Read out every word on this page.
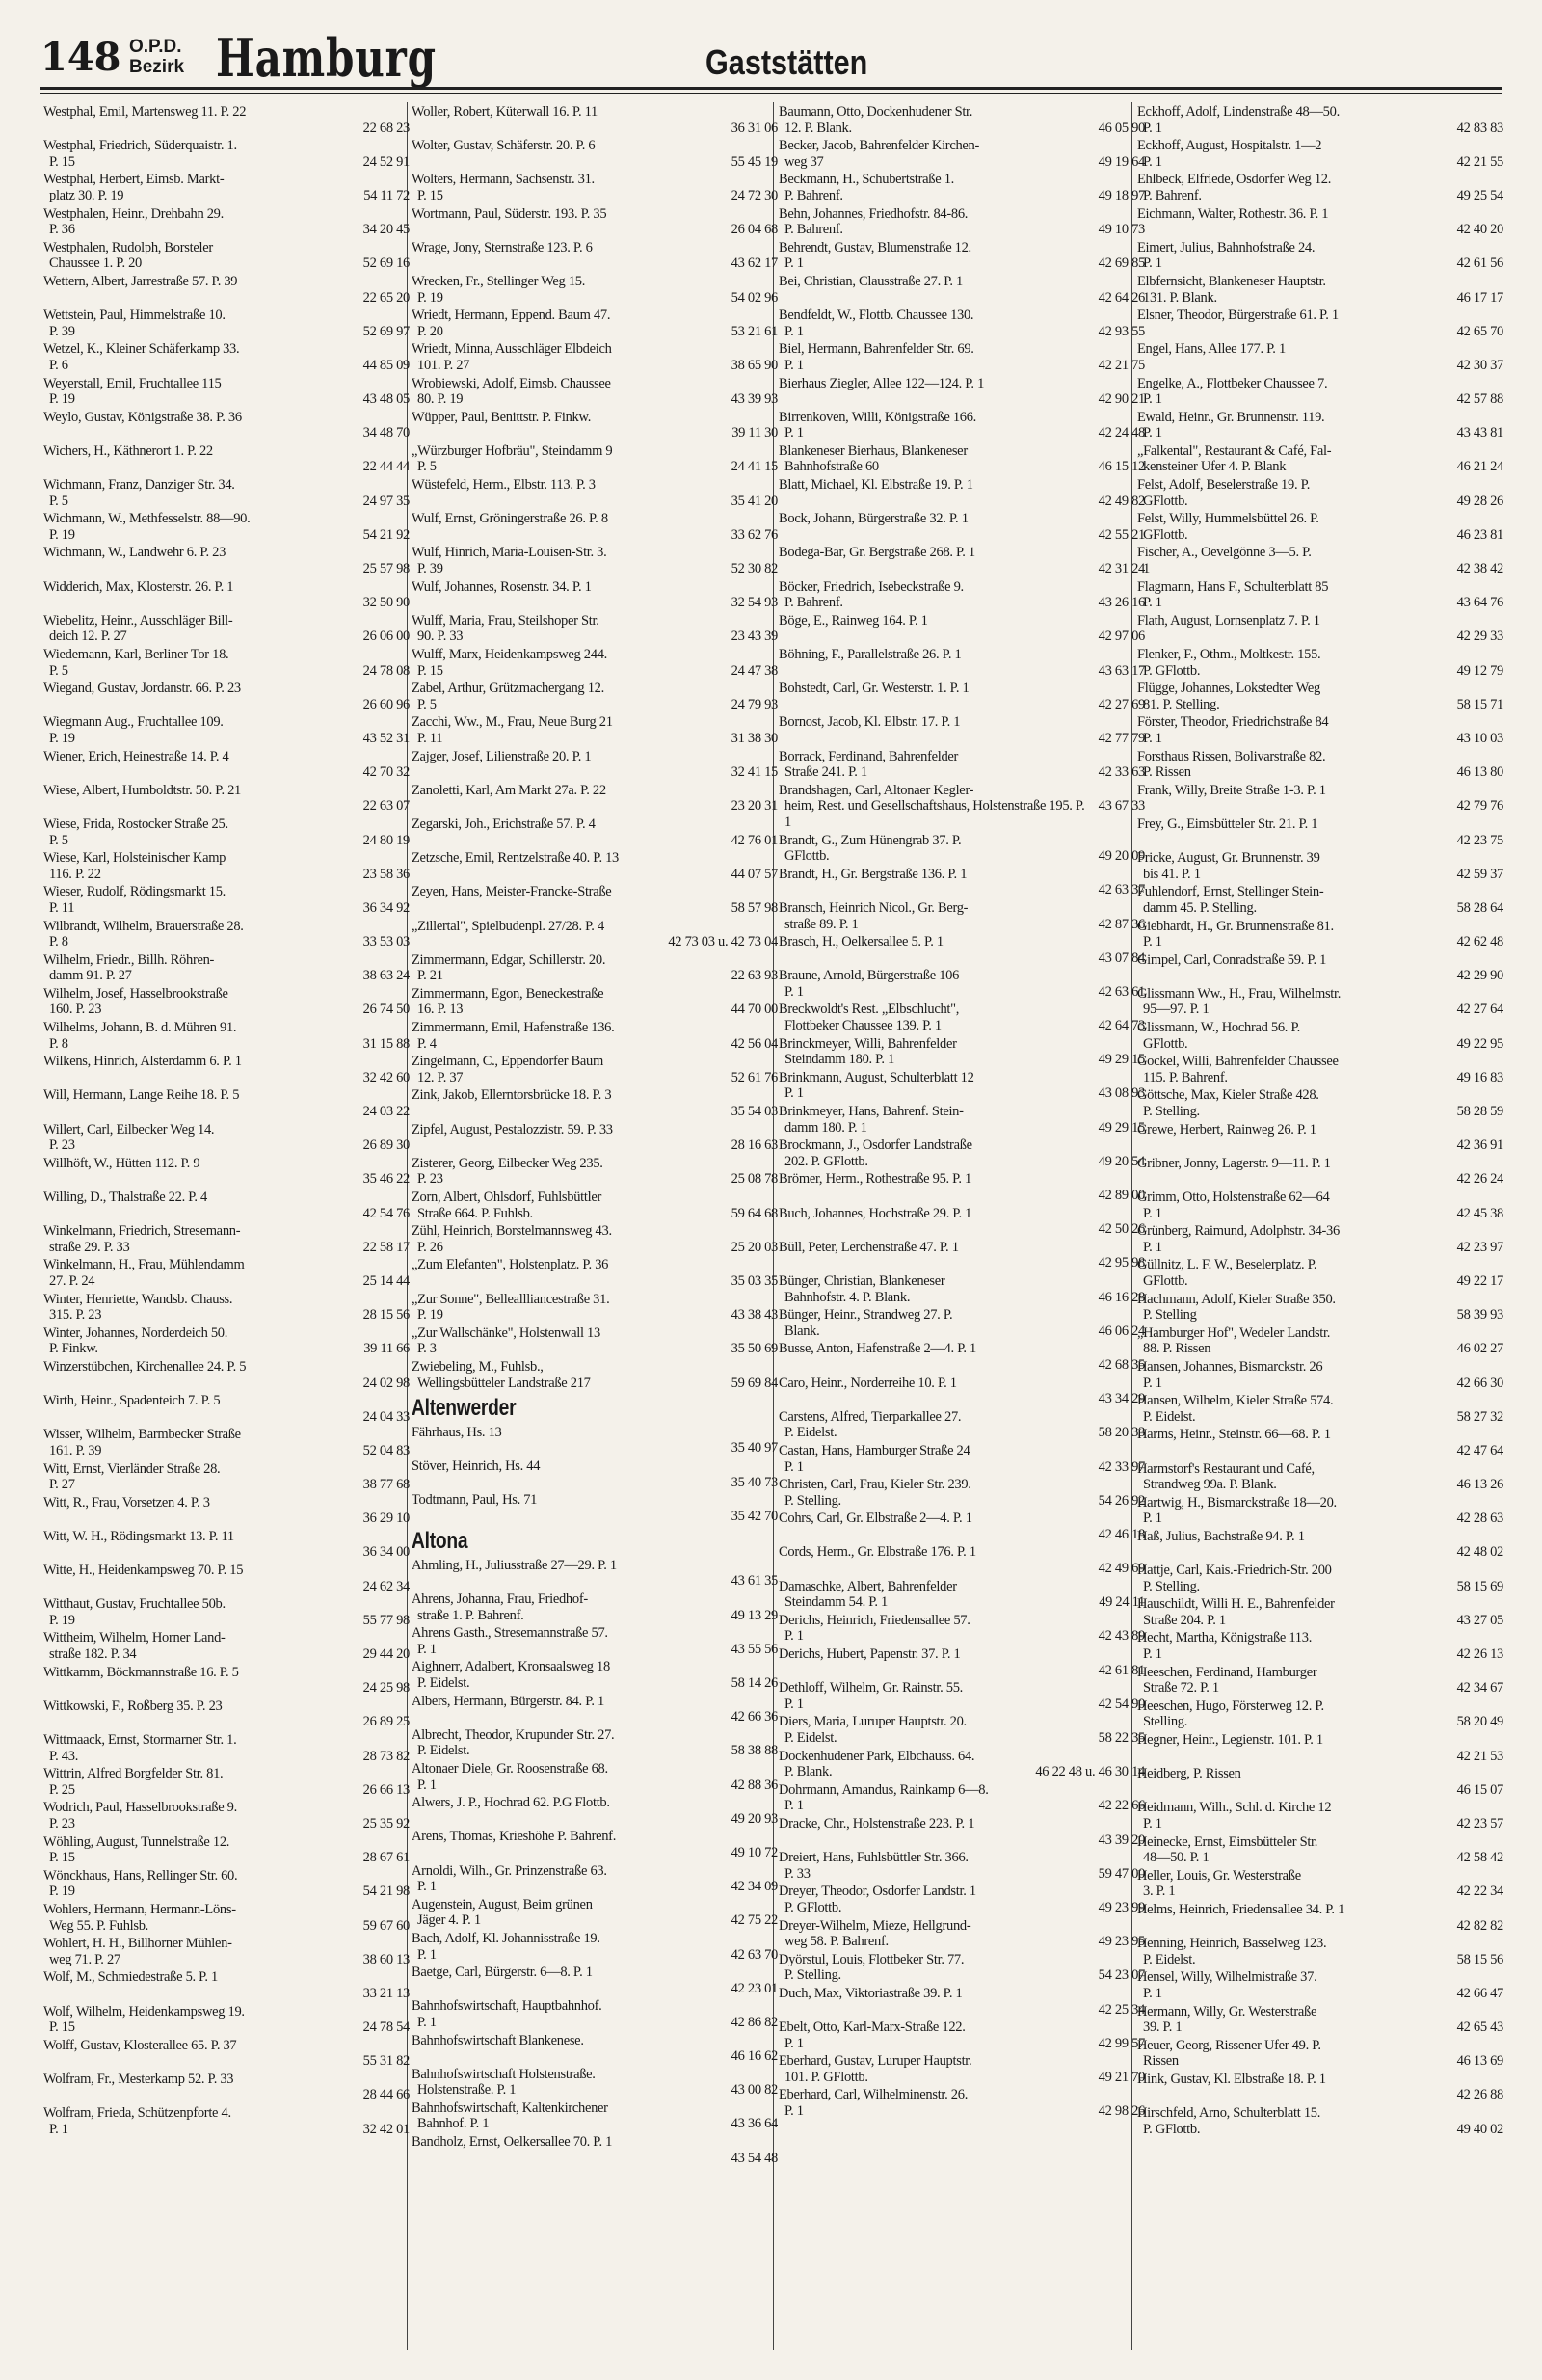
148 O.P.D.
Bezirk Hamburg	Gaststätten
Westphal, Emil, Martensweg 11. P. 22
22 68 23
Westphal, Friedrich, Süderquaistr. 1.
P. 15	24 52 91
Westphal, Herbert, Eimsb. Markt-
platz 30. P. 19	54 11 72
Westphalen, Heinr., Drehbahn 29.
P. 36	34 20 45
Westphalen, Rudolph, Borsteler
Chaussee 1. P. 20	52 69 16
Wettern, Albert, Jarrestraße 57. P. 39
22 65 20
Wettstein, Paul, Himmelstraße 10.
P. 39	52 69 97
Wetzel, K., Kleiner Schäferkamp 33.
P. 6	44 85 09
Weyerstall, Emil, Fruchtallee 115
P. 19	43 48 05
Weylo, Gustav, Königstraße 38. P. 36
34 48 70
Wichers, H., Käthnerort 1. P. 22
22 44 44
Wichmann, Franz, Danziger Str. 34.
P. 5	24 97 35
Wichmann, W., Methfesselstr. 88—90.
P. 19	54 21 92
Wichmann, W., Landwehr 6. P. 23
25 57 98
Widderich, Max, Klosterstr. 26. P. 1
32 50 90
Wiebelitz, Heinr., Ausschläger Bill-
deich 12. P. 27	26 06 00
Wiedemann, Karl, Berliner Tor 18.
P. 5	24 78 08
Wiegand, Gustav, Jordanstr. 66. P. 23
26 60 96
Wiegmann Aug., Fruchtallee 109.
P. 19	43 52 31
Wiener, Erich, Heinestraße 14. P. 4
42 70 32
Wiese, Albert, Humboldtstr. 50. P. 21
22 63 07
Wiese, Frida, Rostocker Straße 25.
P. 5	24 80 19
Wiese, Karl, Holsteinischer Kamp
116. P. 22	23 58 36
Wieser, Rudolf, Rödingsmarkt 15.
P. 11	36 34 92
Wilbrandt, Wilhelm, Brauerstraße 28.
P. 8	33 53 03
Wilhelm, Friedr., Billh. Röhren-
damm 91. P. 27	38 63 24
Wilhelm, Josef, Hasselbrookstraße
160. P. 23	26 74 50
Wilhelms, Johann, B. d. Mühren 91.
P. 8	31 15 88
Wilkens, Hinrich, Alsterdamm 6. P. 1
32 42 60
Will, Hermann, Lange Reihe 18. P. 5
24 03 22
Willert, Carl, Eilbecker Weg 14.
P. 23	26 89 30
Willhöft, W., Hütten 112. P. 9
35 46 22
Willing, D., Thalstraße 22. P. 4
42 54 76
Winkelmann, Friedrich, Stresemann-
straße 29. P. 33	22 58 17
Winkelmann, H., Frau, Mühlendamm
27. P. 24	25 14 44
Winter, Henriette, Wandsb. Chauss.
315. P. 23	28 15 56
Winter, Johannes, Norderdeich 50.
P. Finkw.	39 11 66
Winzerstübchen, Kirchenallee 24. P. 5
24 02 98
Wirth, Heinr., Spadenteich 7. P. 5
24 04 33
Wisser, Wilhelm, Barmbecker Straße
161. P. 39	52 04 83
Witt, Ernst, Vierländer Straße 28.
P. 27	38 77 68
Witt, R., Frau, Vorsetzen 4. P. 3
36 29 10
Witt, W. H., Rödingsmarkt 13. P. 11
36 34 00
Witte, H., Heidenkampsweg 70. P. 15
24 62 34
Witthaut, Gustav, Fruchtallee 50b.
P. 19	55 77 98
Wittheim, Wilhelm, Horner Land-
straße 182. P. 34	29 44 20
Wittkamm, Böckmannstraße 16. P. 5
24 25 98
Wittkowski, F., Roßberg 35. P. 23
26 89 25
Wittmaack, Ernst, Stormarner Str. 1.
P. 43.	28 73 82
Wittrin, Alfred Borgfelder Str. 81.
P. 25	26 66 13
Wodrich, Paul, Hasselbrookstraße 9.
P. 23	25 35 92
Wöhling, August, Tunnelstraße 12.
P. 15	28 67 61
Wönckhaus, Hans, Rellinger Str. 60.
P. 19	54 21 98
Wohlers, Hermann, Hermann-Löns-
Weg 55. P. Fuhlsb.	59 67 60
Wohlert, H. H., Billhorner Mühlen-
weg 71. P. 27	38 60 13
Wolf, M., Schmiedestraße 5. P. 1
33 21 13
Wolf, Wilhelm, Heidenkampsweg 19.
P. 15	24 78 54
Wolff, Gustav, Klosterallee 65. P. 37
55 31 82
Wolfram, Fr., Mesterkamp 52. P. 33
28 44 66
Wolfram, Frieda, Schützenpforte 4.
P. 1	32 42 01
Woller, Robert, Küterwall 16. P. 11
36 31 06
Wolter, Gustav, Schäferstr. 20. P. 6
55 45 19
Wolters, Hermann, Sachsenstr. 31.
P. 15	24 72 30
Wortmann, Paul, Süderstr. 193. P. 35
26 04 68
Wrage, Jony, Sternstraße 123. P. 6
43 62 17
Wrecken, Fr., Stellinger Weg 15.
P. 19	54 02 96
Wriedt, Hermann, Eppend. Baum 47.
P. 20	53 21 61
Wriedt, Minna, Ausschläger Elbdeich
101. P. 27	38 65 90
Wrobiewski, Adolf, Eimsb. Chaussee
80. P. 19	43 39 93
Wüpper, Paul, Benittstr. P. Finkw.
39 11 30
„Würzburger Hofbräu", Steindamm 9
P. 5	24 41 15
Wüstefeld, Herm., Elbstr. 113. P. 3
35 41 20
Wulf, Ernst, Gröningerstraße 26. P. 8
33 62 76
Wulf, Hinrich, Maria-Louisen-Str. 3.
P. 39	52 30 82
Wulf, Johannes, Rosenstr. 34. P. 1
32 54 93
Wulff, Maria, Frau, Steilshoper Str.
90. P. 33	23 43 39
Wulff, Marx, Heidenkampsweg 244.
P. 15	24 47 38
Zabel, Arthur, Grützmachergang 12.
P. 5	24 79 93
Zacchi, Ww., M., Frau, Neue Burg 21
P. 11	31 38 30
Zajger, Josef, Lilienstraße 20. P. 1
32 41 15
Zanoletti, Karl, Am Markt 27a. P. 22
23 20 31
Zegarski, Joh., Erichstraße 57. P. 4
42 76 01
Zetzsche, Emil, Rentzelstraße 40. P. 13
44 07 57
Zeyen, Hans, Meister-Francke-Straße
58 57 98
„Zillertal", Spielbudenpl. 27/28. P. 4
42 73 03 u. 42 73 04
Zimmermann, Edgar, Schillerstr. 20.
P. 21	22 63 93
Zimmermann, Egon, Beneckestraße
16. P. 13	44 70 00
Zimmermann, Emil, Hafenstraße 136.
P. 4	42 56 04
Zingelmann, C., Eppendorfer Baum
12. P. 37	52 61 76
Zink, Jakob, Ellerntorsbrücke 18. P. 3
35 54 03
Zipfel, August, Pestalozzistr. 59. P. 33
28 16 63
Zisterer, Georg, Eilbecker Weg 235.
P. 23	25 08 78
Zorn, Albert, Ohlsdorf, Fuhlsbüttler
Straße 664. P. Fuhlsb.	59 64 68
Zühl, Heinrich, Borstelmannsweg 43.
P. 26	25 20 03
„Zum Elefanten", Holstenplatz. P. 36
35 03 35
„Zur Sonne", Belleallliancestraße 31.
P. 19	43 38 43
„Zur Wallschänke", Holstenwall 13
P. 3	35 50 69
Zwiebeling, M., Fuhlsb.,
Wellingsbütteler Landstraße 217	59 69 84
Altenwerder
Fährhaus, Hs. 13
35 40 97
Stöver, Heinrich, Hs. 44
35 40 73
Todtmann, Paul, Hs. 71
35 42 70
Altona
Ahmling, H., Juliusstraße 27—29. P. 1
43 61 35
Ahrens, Johanna, Frau, Friedhof-
straße 1. P. Bahrenf.	49 13 29
Ahrens Gasth., Stresemannstraße 57.
P. 1	43 55 56
Aighnerr, Adalbert, Kronsaalsweg 18
P. Eidelst.	58 14 26
Albers, Hermann, Bürgerstr. 84. P. 1
42 66 36
Albrecht, Theodor, Krupunder Str. 27.
P. Eidelst.	58 38 88
Altonaer Diele, Gr. Roosenstraße 68.
P. 1	42 88 36
Alwers, J. P., Hochrad 62. P.G Flottb.
49 20 93
Arens, Thomas, Krieshöhe P. Bahrenf.
49 10 72
Arnoldi, Wilh., Gr. Prinzenstraße 63.
P. 1	42 34 09
Augenstein, August, Beim grünen
Jäger 4. P. 1	42 75 22
Bach, Adolf, Kl. Johannisstraße 19.
P. 1	42 63 70
Baetge, Carl, Bürgerstr. 6—8. P. 1
42 23 01
Bahnhofswirtschaft, Hauptbahnhof.
P. 1	42 86 82
Bahnhofswirtschaft Blankenese.
46 16 62
Bahnhofswirtschaft Holstenstraße.
Holstenstraße. P. 1	43 00 82
Bahnhofswirtschaft, Kaltenkirchener
Bahnhof. P. 1	43 36 64
Bandholz, Ernst, Oelkersallee 70. P. 1
43 54 48
Baumann, Otto, Dockenhudener Str.
12. P. Blank.	46 05 90
Becker, Jacob, Bahrenfelder Kirchen-
weg 37	49 19 64
Beckmann, H., Schubertstraße 1.
P. Bahrenf.	49 18 97
Behn, Johannes, Friedhofstr. 84-86.
P. Bahrenf.	49 10 73
Behrendt, Gustav, Blumenstraße 12.
P. 1	42 69 85
Bei, Christian, Clausstraße 27. P. 1
42 64 26
Bendfeldt, W., Flottb. Chaussee 130.
P. 1	42 93 55
Biel, Hermann, Bahrenfelder Str. 69.
P. 1	42 21 75
Bierhaus Ziegler, Allee 122—124. P. 1
42 90 21
Birrenkoven, Willi, Königstraße 166.
P. 1	42 24 48
Blankeneser Bierhaus, Blankeneser
Bahnhofstraße 60	46 15 12
Blatt, Michael, Kl. Elbstraße 19. P. 1
42 49 82
Bock, Johann, Bürgerstraße 32. P. 1
42 55 21
Bodega-Bar, Gr. Bergstraße 268. P. 1
42 31 24
Böcker, Friedrich, Isebeckstraße 9.
P. Bahrenf.	43 26 16
Böge, E., Rainweg 164. P. 1
42 97 06
Böhning, F., Parallelstraße 26. P. 1
43 63 17
Bohstedt, Carl, Gr. Westerstr. 1. P. 1
42 27 69
Bornost, Jacob, Kl. Elbstr. 17. P. 1
42 77 79
Borrack, Ferdinand, Bahrenfelder
Straße 241. P. 1	42 33 63
Brandshagen, Carl, Altonaer Kegler-
heim, Rest. und Gesellschaftshaus, Holstenstraße 195. P. 1
43 67 33
Brandt, G., Zum Hünengrab 37. P.
GFlottb.	49 20 09
Brandt, H., Gr. Bergstraße 136. P. 1
42 63 37
Bransch, Heinrich Nicol., Gr. Berg-
straße 89. P. 1	42 87 36
Brasch, H., Oelkersallee 5. P. 1
43 07 84
Braune, Arnold, Bürgerstraße 106
P. 1	42 63 61
Breckwoldt's Rest. „Elbschlucht",
Flottbeker Chaussee 139. P. 1	42 64 73
Brinckmeyer, Willi, Bahrenfelder
Steindamm 180. P. 1	49 29 15
Brinkmann, August, Schulterblatt 12
P. 1	43 08 93
Brinkmeyer, Hans, Bahrenf. Stein-
damm 180. P. 1	49 29 15
Brockmann, J., Osdorfer Landstraße
202. P. GFlottb.	49 20 54
Brömer, Herm., Rothestraße 95. P. 1
42 89 00
Buch, Johannes, Hochstraße 29. P. 1
42 50 26
Büll, Peter, Lerchenstraße 47. P. 1
42 95 98
Bünger, Christian, Blankeneser
Bahnhofstr. 4. P. Blank.	46 16 28
Bünger, Heinr., Strandweg 27. P.
Blank.	46 06 24
Busse, Anton, Hafenstraße 2—4. P. 1
42 68 35
Caro, Heinr., Norderreihe 10. P. 1
43 34 29
Carstens, Alfred, Tierparkallee 27.
P. Eidelst.	58 20 33
Castan, Hans, Hamburger Straße 24
P. 1	42 33 97
Christen, Carl, Frau, Kieler Str. 239.
P. Stelling.	54 26 92
Cohrs, Carl, Gr. Elbstraße 2—4. P. 1
42 46 18
Cords, Herm., Gr. Elbstraße 176. P. 1
42 49 69
Damaschke, Albert, Bahrenfelder
Steindamm 54. P. 1	49 24 11
Derichs, Heinrich, Friedensallee 57.
P. 1	42 43 89
Derichs, Hubert, Papenstr. 37. P. 1
42 61 81
Dethloff, Wilhelm, Gr. Rainstr. 55.
P. 1	42 54 90
Diers, Maria, Luruper Hauptstr. 20.
P. Eidelst.	58 22 35
Dockenhudener Park, Elbchauss. 64.
P. Blank.	46 22 48 u. 46 30 14
Dohrmann, Amandus, Rainkamp 6—8.
P. 1	42 22 66
Dracke, Chr., Holstenstraße 223. P. 1
43 39 20
Dreiert, Hans, Fuhlsbüttler Str. 366.
P. 33	59 47 00
Dreyer, Theodor, Osdorfer Landstr. 1
P. GFlottb.	49 23 99
Dreyer-Wilhelm, Mieze, Hellgrund-
weg 58. P. Bahrenf.	49 23 95
Dyörstul, Louis, Flottbeker Str. 77.
P. Stelling.	54 23 07
Duch, Max, Viktoriastraße 39. P. 1
42 25 34
Ebelt, Otto, Karl-Marx-Straße 122.
P. 1	42 99 57
Eberhard, Gustav, Luruper Hauptstr.
101. P. GFlottb.	49 21 70
Eberhard, Carl, Wilhelminenstr. 26.
P. 1	42 98 26
Eckhoff, Adolf, Lindenstraße 48—50.
P. 1	42 83 83
Eckhoff, August, Hospitalstr. 1—2
P. 1	42 21 55
Ehlbeck, Elfriede, Osdorfer Weg 12.
P. Bahrenf.	49 25 54
Eichmann, Walter, Rothestr. 36. P. 1
42 40 20
Eimert, Julius, Bahnhofstraße 24.
P. 1	42 61 56
Elbfernsicht, Blankeneser Hauptstr.
131. P. Blank.	46 17 17
Elsner, Theodor, Bürgerstraße 61. P. 1
42 65 70
Engel, Hans, Allee 177. P. 1
42 30 37
Engelke, A., Flottbeker Chaussee 7.
P. 1	42 57 88
Ewald, Heinr., Gr. Brunnenstr. 119.
P. 1	43 43 81
„Falkental", Restaurant & Café, Fal-
kensteiner Ufer 4. P. Blank	46 21 24
Felst, Adolf, Beselerstraße 19. P.
GFlottb.	49 28 26
Felst, Willy, Hummelsbüttel 26. P.
GFlottb.	46 23 81
Fischer, A., Oevelgönne 3—5. P.
1	42 38 42
Flagmann, Hans F., Schulterblatt 85
P. 1	43 64 76
Flath, August, Lornsenplatz 7. P. 1
42 29 33
Flenker, F., Othm., Moltkestr. 155.
P. GFlottb.	49 12 79
Flügge, Johannes, Lokstedter Weg
81. P. Stelling.	58 15 71
Förster, Theodor, Friedrichstraße 84
P. 1	43 10 03
Forsthaus Rissen, Bolivarstraße 82.
P. Rissen	46 13 80
Frank, Willy, Breite Straße 1-3. P. 1
42 79 76
Frey, G., Eimsbütteler Str. 21. P. 1
42 23 75
Fricke, August, Gr. Brunnenstr. 39
bis 41. P. 1	42 59 37
Fuhlendorf, Ernst, Stellinger Stein-
damm 45. P. Stelling.	58 28 64
Giebhardt, H., Gr. Brunnenstraße 81.
P. 1	42 62 48
Gimpel, Carl, Conradstraße 59. P. 1
42 29 90
Glissmann Ww., H., Frau, Wilhelmstr.
95—97. P. 1	42 27 64
Glissmann, W., Hochrad 56. P.
GFlottb.	49 22 95
Gockel, Willi, Bahrenfelder Chaussee
115. P. Bahrenf.	49 16 83
Göttsche, Max, Kieler Straße 428.
P. Stelling.	58 28 59
Grewe, Herbert, Rainweg 26. P. 1
42 36 91
Gribner, Jonny, Lagerstr. 9—11. P. 1
42 26 24
Grimm, Otto, Holstenstraße 62—64
P. 1	42 45 38
Grünberg, Raimund, Adolphstr. 34-36
P. 1	42 23 97
Güllnitz, L. F. W., Beselerplatz. P.
GFlottb.	49 22 17
Hachmann, Adolf, Kieler Straße 350.
P. Stelling	58 39 93
„Hamburger Hof", Wedeler Landstr.
88. P. Rissen	46 02 27
Hansen, Johannes, Bismarckstr. 26
P. 1	42 66 30
Hansen, Wilhelm, Kieler Straße 574.
P. Eidelst.	58 27 32
Harms, Heinr., Steinstr. 66—68. P. 1
42 47 64
Harmstorf's Restaurant und Café,
Strandweg 99a. P. Blank.	46 13 26
Hartwig, H., Bismarckstraße 18—20.
P. 1	42 28 63
Haß, Julius, Bachstraße 94. P. 1
42 48 02
Hattje, Carl, Kais.-Friedrich-Str. 200
P. Stelling.	58 15 69
Hauschildt, Willi H. E., Bahrenfelder
Straße 204. P. 1	43 27 05
Hecht, Martha, Königstraße 113.
P. 1	42 26 13
Heeschen, Ferdinand, Hamburger
Straße 72. P. 1	42 34 67
Heeschen, Hugo, Försterweg 12. P.
Stelling.	58 20 49
Hegner, Heinr., Legienstr. 101. P. 1
42 21 53
Heidberg, P. Rissen
46 15 07
Heidmann, Wilh., Schl. d. Kirche 12
P. 1	42 23 57
Heinecke, Ernst, Eimsbütteler Str.
48—50. P. 1	42 58 42
Heller, Louis, Gr. Westerstraße
3. P. 1	42 22 34
Helms, Heinrich, Friedensallee 34. P. 1
42 82 82
Henning, Heinrich, Basselweg 123.
P. Eidelst.	58 15 56
Hensel, Willy, Wilhelmistraße 37.
P. 1	42 66 47
Hermann, Willy, Gr. Westerstraße
39. P. 1	42 65 43
Heuer, Georg, Rissener Ufer 49. P.
Rissen	46 13 69
Hink, Gustav, Kl. Elbstraße 18. P. 1
42 26 88
Hirschfeld, Arno, Schulterblatt 15.
P. GFlottb.	49 40 02
